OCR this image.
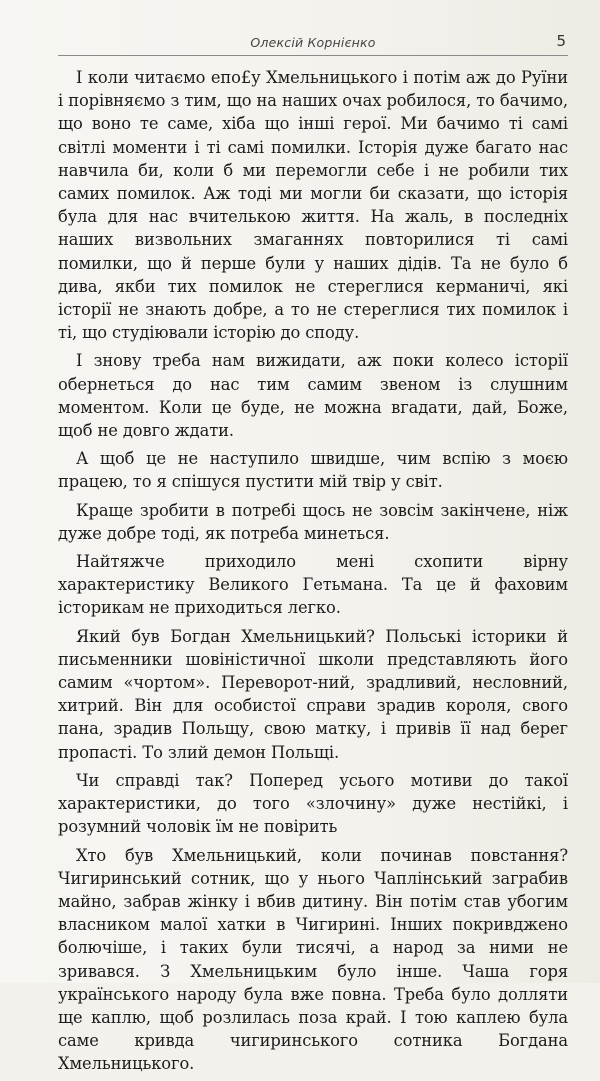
Олексій Корнієнко	5

І коли читаємо епо£у Хмельницького і потім аж до Руїни і порівняємо з тим, що на наших очах робилося, то бачимо, що воно те саме, хіба що інші герої. Ми бачимо ті самі світлі моменти і ті самі помилки. Історія дуже багато нас навчила би, коли б ми перемогли себе і не робили тих самих помилок. Аж тоді ми могли би сказати, що історія була для нас вчителькою життя. На жаль, в последніх наших визвольних змаганнях повторилися ті самі помилки, що й перше були у наших дідів. Та не було б дива, якби тих помилок не стереглися керманичі, які історії не знають добре, а то не стереглися тих помилок і ті, що студіювали історію до споду.

І знову треба нам вижидати, аж поки колесо історії обернеться до нас тим самим звеном із слушним моментом. Коли це буде, не можна вгадати, дай, Боже, щоб не довго ждати.

А щоб це не наступило швидше, чим вспію з моєю працею, то я спішуся пустити мій твір у світ.

Краще зробити в потребі щось не зовсім закінчене, ніж дуже добре тоді, як потреба минеться.

Найтяжче приходило мені схопити вірну характеристику Великого Гетьмана. Та це й фаховим історикам не приходиться легко.

Який був Богдан Хмельницький? Польські історики й письменники шовіністичної школи представляють його самим «чортом». Переворот-ний, зрадливий, несловний, хитрий. Він для особистої справи зрадив короля, свого пана, зрадив Польщу, свою матку, і привів її над берег пропасті. То злий демон Польщі.

Чи справді так? Поперед усього мотиви до такої характеристики, до того «злочину» дуже нестійкі, і розумний чоловік їм не повірить

Хто був Хмельницький, коли починав повстання? Чигиринський сотник, що у нього Чаплінський заграбив майно, забрав жінку і вбив дитину. Він потім став убогим власником малої хатки в Чигирині. Інших покривджено болючіше, і таких були тисячі, а народ за ними не зривався. З Хмельницьким було інше. Чаша горя українського народу була вже повна. Треба було долляти ще каплю, щоб розлилась поза край. І тою каплею була саме кривда чигиринського сотника Богдана Хмельницького.
